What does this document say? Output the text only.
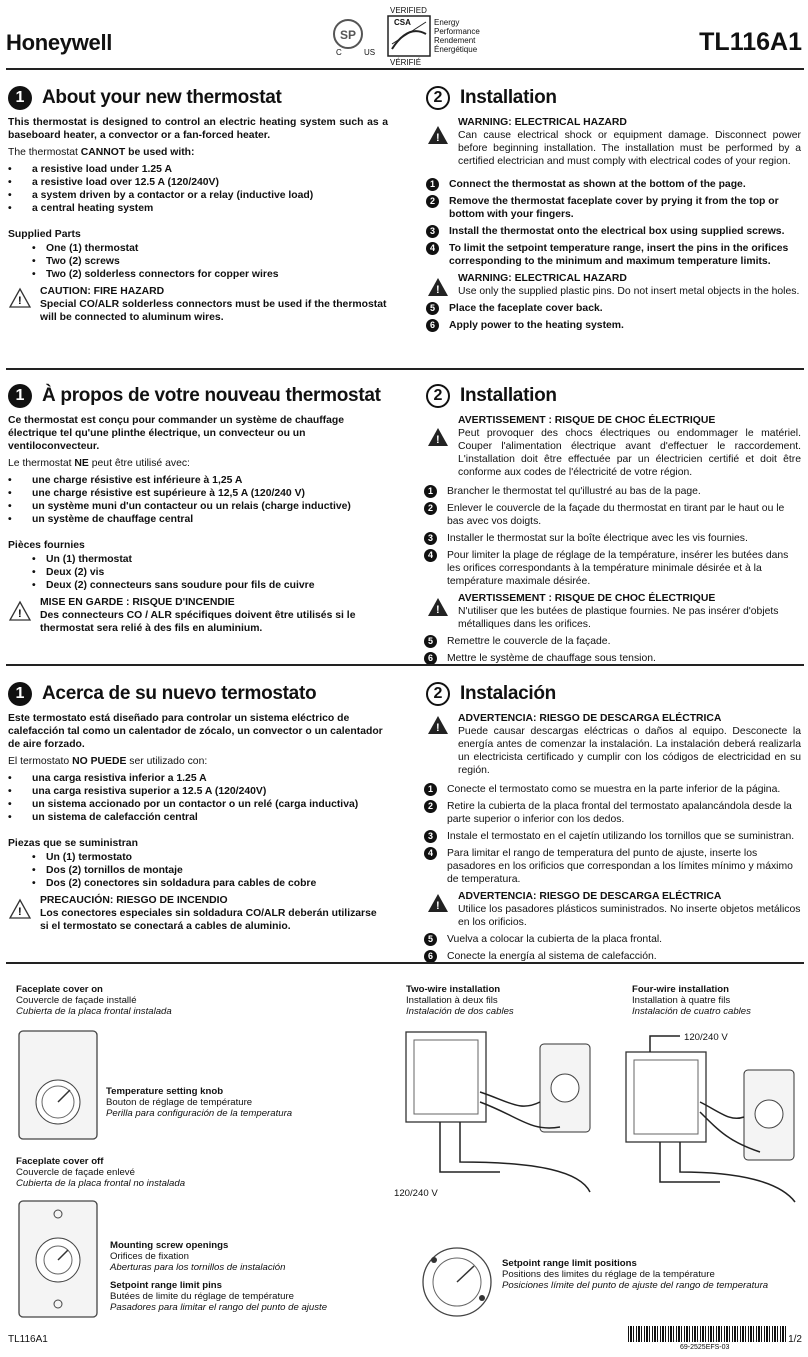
Honeywell	SP
VERIFIED
CSA
VÉRIFIÉ
C	US
Energy
Performance
Rendement
Énergétique	TL116A1
1 About your new thermostat
This thermostat is designed to control an electric heating system such as a baseboard heater, a convector or a fan-forced heater.
The thermostat CANNOT be used with:
• a resistive load under 1.25 A
• a resistive load over 12.5 A (120/240V)
• a system driven by a contactor or a relay (inductive load)
• a central heating system
Supplied Parts
• One (1) thermostat
• Two (2) screws
• Two (2) solderless connectors for copper wires
!
CAUTION: FIRE HAZARD
Special CO/ALR solderless connectors must be used if the thermostat will be connected to aluminum wires.
2 Installation
!
WARNING: ELECTRICAL HAZARD
Can cause electrical shock or equipment damage. Disconnect power before beginning installation. The installation must be performed by a certified electrician and must comply with electrical codes of your region.
1	Connect the thermostat as shown at the bottom of the page.
2	Remove the thermostat faceplate cover by prying it from the top or bottom with your fingers.
3	Install the thermostat onto the electrical box using supplied screws.
4	To limit the setpoint temperature range, insert the pins in the orifices corresponding to the minimum and maximum temperature limits.
!
WARNING: ELECTRICAL HAZARD
Use only the supplied plastic pins. Do not insert metal objects in the holes.
5	Place the faceplate cover back.
6	Apply power to the heating system.
1 À propos de votre nouveau thermostat
Ce thermostat est conçu pour commander un système de chauffage électrique tel qu'une plinthe électrique, un convecteur ou un ventiloconvecteur.
Le thermostat NE peut être utilisé avec:
• une charge résistive est inférieure à 1,25 A
• une charge résistive est supérieure à 12,5 A (120/240 V)
• un système muni d'un contacteur ou un relais (charge inductive)
• un système de chauffage central
Pièces fournies
• Un (1) thermostat
• Deux (2) vis
• Deux (2) connecteurs sans soudure pour fils de cuivre
!
MISE EN GARDE : RISQUE D'INCENDIE
Des connecteurs CO / ALR spécifiques doivent être utilisés si le thermostat sera relié à des fils en aluminium.
2 Installation
!
AVERTISSEMENT : RISQUE DE CHOC ÉLECTRIQUE
Peut provoquer des chocs électriques ou endommager le matériel. Couper l'alimentation électrique avant d'effectuer le raccordement. L'installation doit être effectuée par un électricien certifié et doit être conforme aux codes de l'électricité de votre région.
1	Brancher le thermostat tel qu'illustré au bas de la page.
2	Enlever le couvercle de la façade du thermostat en tirant par le haut ou le bas avec vos doigts.
3	Installer le thermostat sur la boîte électrique avec les vis fournies.
4	Pour limiter la plage de réglage de la température, insérer les butées dans les orifices correspondants à la température minimale désirée et à la température maximale désirée.
!
AVERTISSEMENT : RISQUE DE CHOC ÉLECTRIQUE
N'utiliser que les butées de plastique fournies. Ne pas insérer d'objets métalliques dans les orifices.
5	Remettre le couvercle de la façade.
6	Mettre le système de chauffage sous tension.
1 Acerca de su nuevo termostato
Este termostato está diseñado para controlar un sistema eléctrico de calefacción tal como un calentador de zócalo, un convector o un calentador de aire forzado.
El termostato NO PUEDE ser utilizado con:
• una carga resistiva inferior a 1.25 A
• una carga resistiva superior a 12.5 A (120/240V)
• un sistema accionado por un contactor o un relé (carga inductiva)
• un sistema de calefacción central
Piezas que se suministran
• Un (1) termostato
• Dos (2) tornillos de montaje
• Dos (2) conectores sin soldadura para cables de cobre
!
PRECAUCIÓN: RIESGO DE INCENDIO
Los conectores especiales sin soldadura CO/ALR deberán utilizarse si el termostato se conectará a cables de aluminio.
2 Instalación
!
ADVERTENCIA: RIESGO DE DESCARGA ELÉCTRICA
Puede causar descargas eléctricas o daños al equipo. Desconecte la energía antes de comenzar la instalación. La instalación deberá realizarla un electricista certificado y cumplir con los códigos de electricidad en su región.
1	Conecte el termostato como se muestra en la parte inferior de la página.
2	Retire la cubierta de la placa frontal del termostato apalancándola desde la parte superior o inferior con los dedos.
3	Instale el termostato en el cajetín utilizando los tornillos que se suministran.
4	Para limitar el rango de temperatura del punto de ajuste, inserte los pasadores en los orificios que correspondan a los límites mínimo y máximo de temperatura.
!
ADVERTENCIA: RIESGO DE DESCARGA ELÉCTRICA
Utilice los pasadores plásticos suministrados. No inserte objetos metálicos en los orificios.
5	Vuelva a colocar la cubierta de la placa frontal.
6	Conecte la energía al sistema de calefacción.
Faceplate cover on
Couvercle de façade installé
Cubierta de la placa frontal instalada
Temperature setting knob
Bouton de réglage de température
Perilla para configuración de la temperatura
Faceplate cover off
Couvercle de façade enlevé
Cubierta de la placa frontal no instalada
Mounting screw openings
Orifices de fixation
Aberturas para los tornillos de instalación
Setpoint range limit pins
Butées de limite du réglage de température
Pasadores para limitar el rango del punto de ajuste
Two-wire installation
Installation à deux fils
Instalación de dos cables
120/240 V
Four-wire installation
Installation à quatre fils
Instalación de cuatro cables
120/240 V
Setpoint range limit positions
Positions des limites du réglage de la température
Posiciones límite del punto de ajuste del rango de temperatura
TL116A1
69-2525EFS-03
1/2
